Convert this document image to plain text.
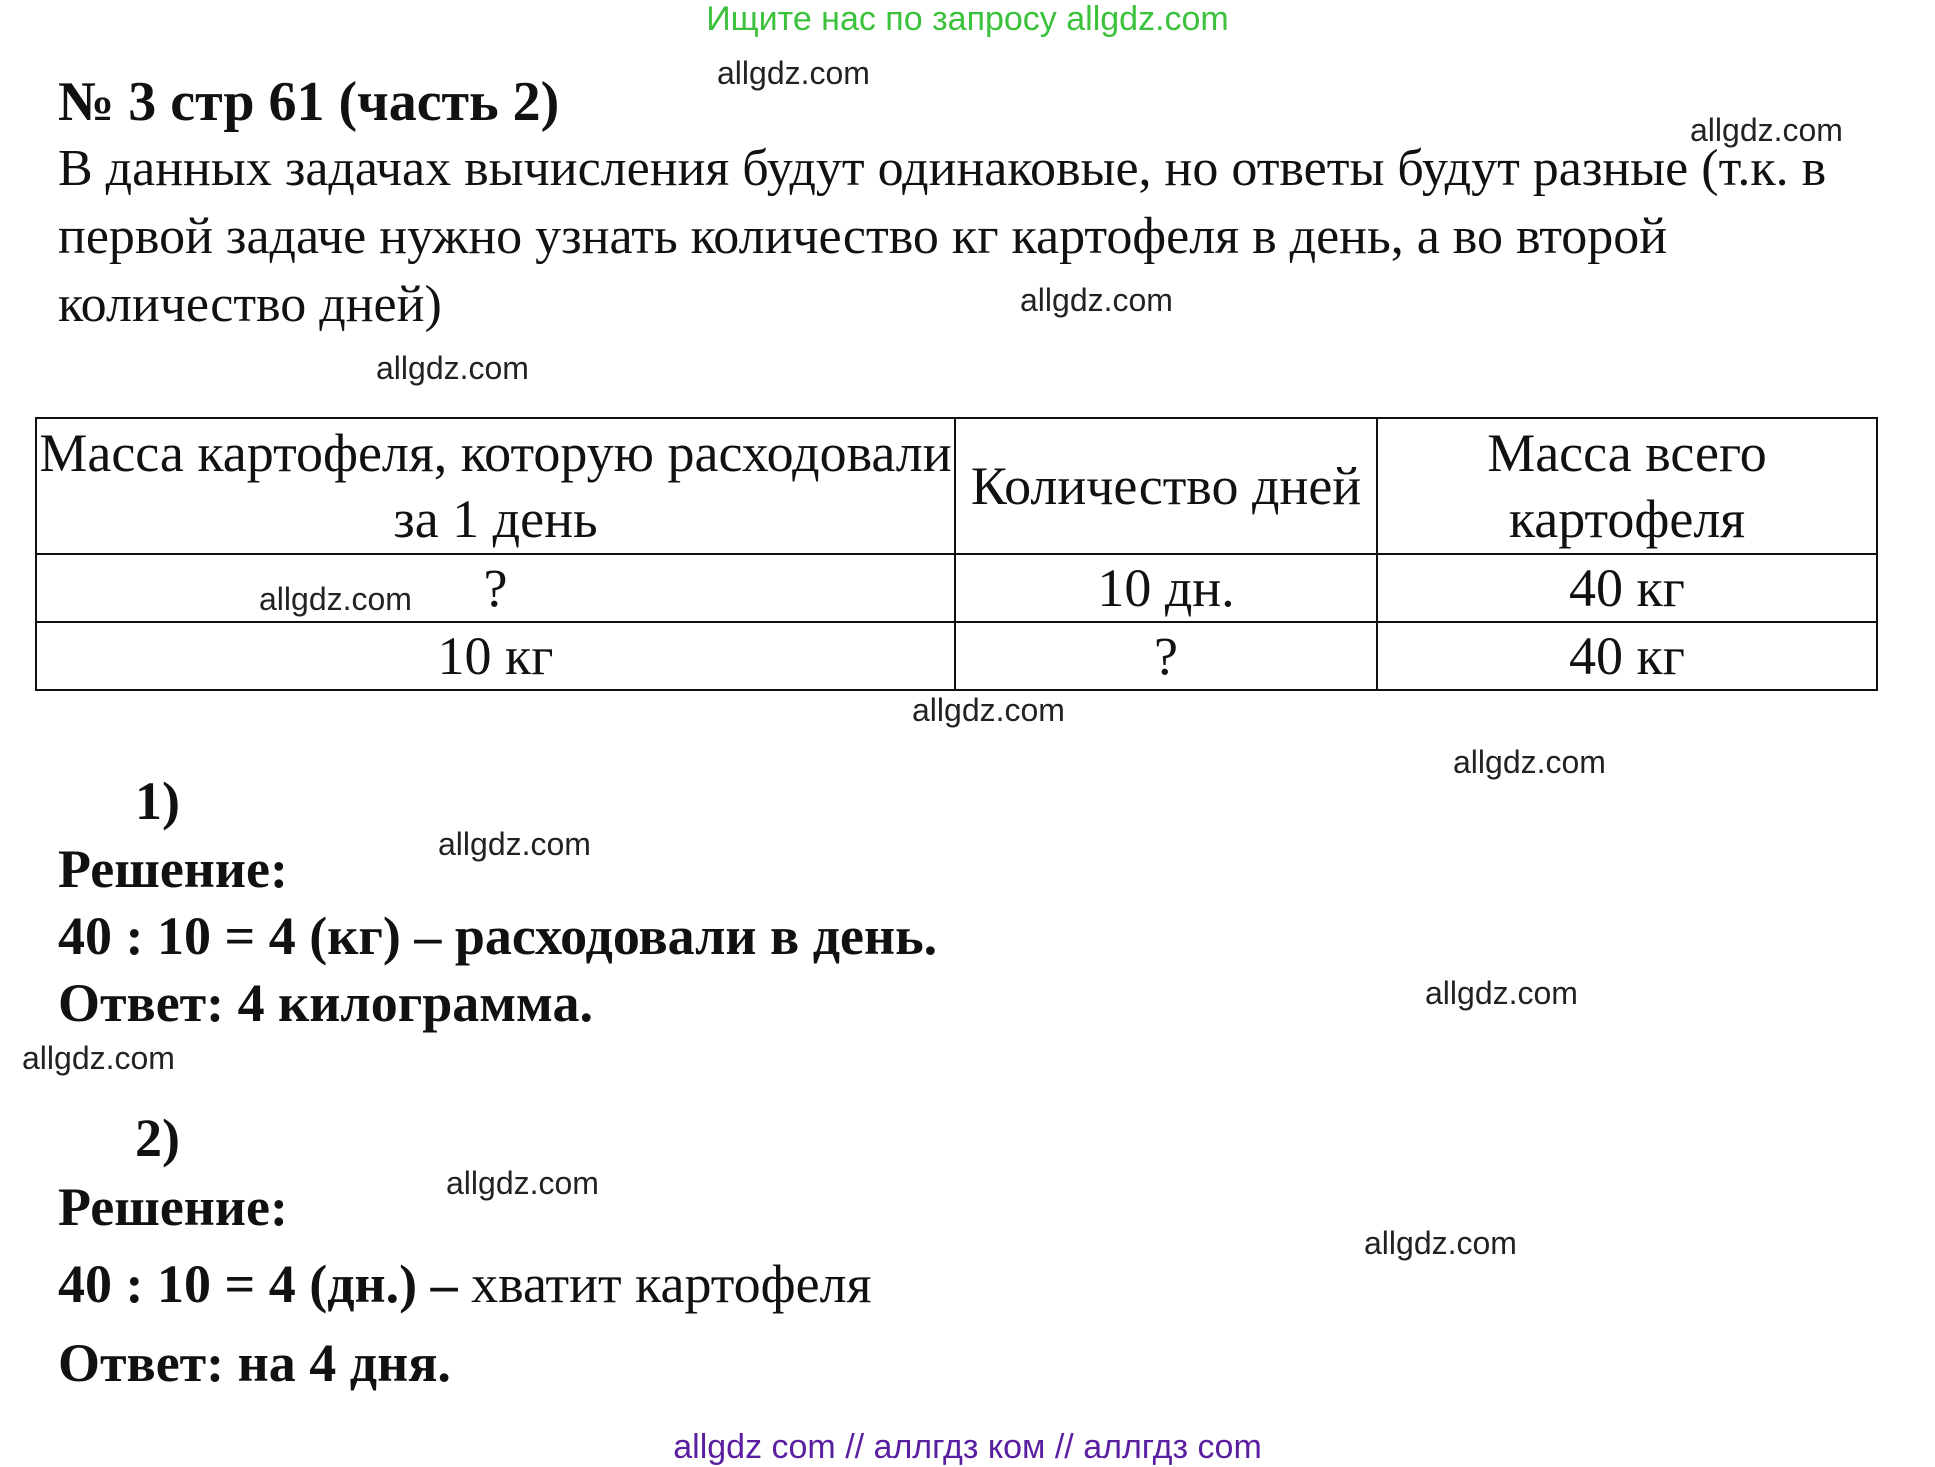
Ищите нас по запросу allgdz.com
№ 3 стр 61 (часть 2)
В данных задачах вычисления будут одинаковые, но ответы будут разные (т.к. в первой задаче нужно узнать количество кг картофеля в день, а во второй количество дней)
Масса картофеля, которую расходовали за 1 день	Количество дней	Масса всего картофеля
?	10 дн.	40 кг
10 кг	?	40 кг
1)
Решение:
40 : 10 = 4 (кг) – расходовали в день.
Ответ: 4 килограмма.
2)
Решение:
40 : 10 = 4 (дн.) – хватит картофеля
Ответ: на 4 дня.
allgdz.com
allgdz.com
allgdz.com
allgdz.com
allgdz.com
allgdz.com
allgdz.com
allgdz.com
allgdz.com
allgdz.com
allgdz.com
allgdz.com
allgdz com // аллгдз ком // аллгдз com
